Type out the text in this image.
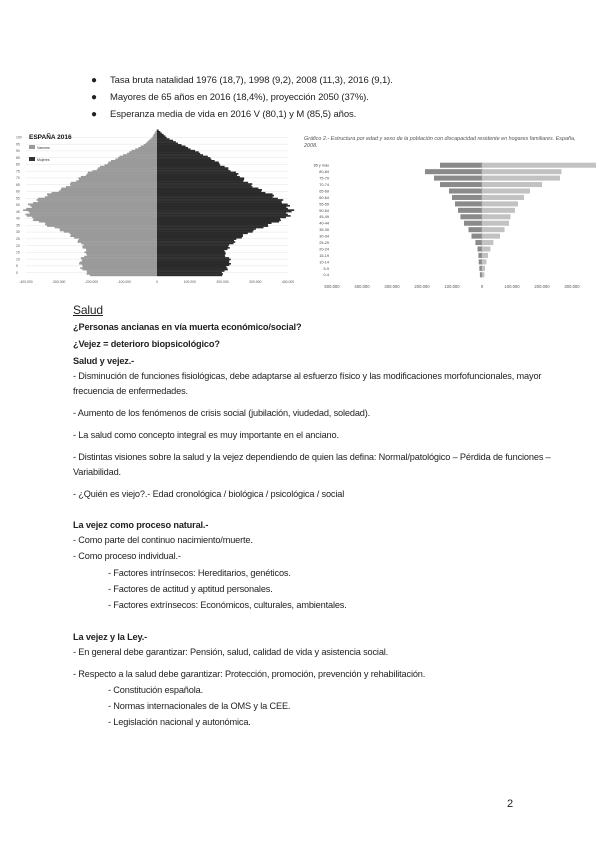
● Tasa bruta natalidad 1976 (18,7), 1998 (9,2), 2008 (11,3), 2016 (9,1).
● Mayores de 65 años en 2016 (18,4%), proyección 2050 (37%).
● Esperanza media de vida en 2016 V (80,1) y M (85,5) años.
100
95
90
85
80
75
70
65
60
55
50
45
40
35
30
25
20
15
10
5
0
-400.000	-300.000	-200.000	-100.000	0	100.000	200.000	300.000	400.000
ESPAÑA 2016
Varones
Mujeres
Gráfico 2.- Estructura por edad y sexo de la población con discapacidad residente en hogares familiares. España, 2008.
85 y más
80-84
75-79
70-74
65-69
60-64
55-59
50-54
45-49
40-44
35-39
30-34
25-29
20-24
15-19
10-14
5-9
0-4
500.000	400.000	300.000	200.000	100.000	0	100.000	200.000	300.000
Salud
¿Personas ancianas en vía muerta económico/social?
¿Vejez = deterioro biopsicológico?
Salud y vejez.-
- Disminución de funciones fisiológicas, debe adaptarse al esfuerzo físico y las modificaciones morfofuncionales, mayor
frecuencia de enfermedades.
- Aumento de los fenómenos de crisis social (jubilación, viudedad, soledad).
- La salud como concepto integral es muy importante en el anciano.
- Distintas visiones sobre la salud y la vejez dependiendo de quien las defina: Normal/patológico – Pérdida de funciones –
Variabilidad.
- ¿Quién es viejo?.- Edad cronológica / biológica / psicológica / social
La vejez como proceso natural.-
- Como parte del continuo nacimiento/muerte.
- Como proceso individual.-
- Factores intrínsecos: Hereditarios, genéticos.
- Factores de actitud y aptitud personales.
- Factores extrínsecos: Económicos, culturales, ambientales.
La vejez y la Ley.-
- En general debe garantizar: Pensión, salud, calidad de vida y asistencia social.
- Respecto a la salud debe garantizar: Protección, promoción, prevención y rehabilitación.
- Constitución española.
- Normas internacionales de la OMS y la CEE.
- Legislación nacional y autonómica.
2
